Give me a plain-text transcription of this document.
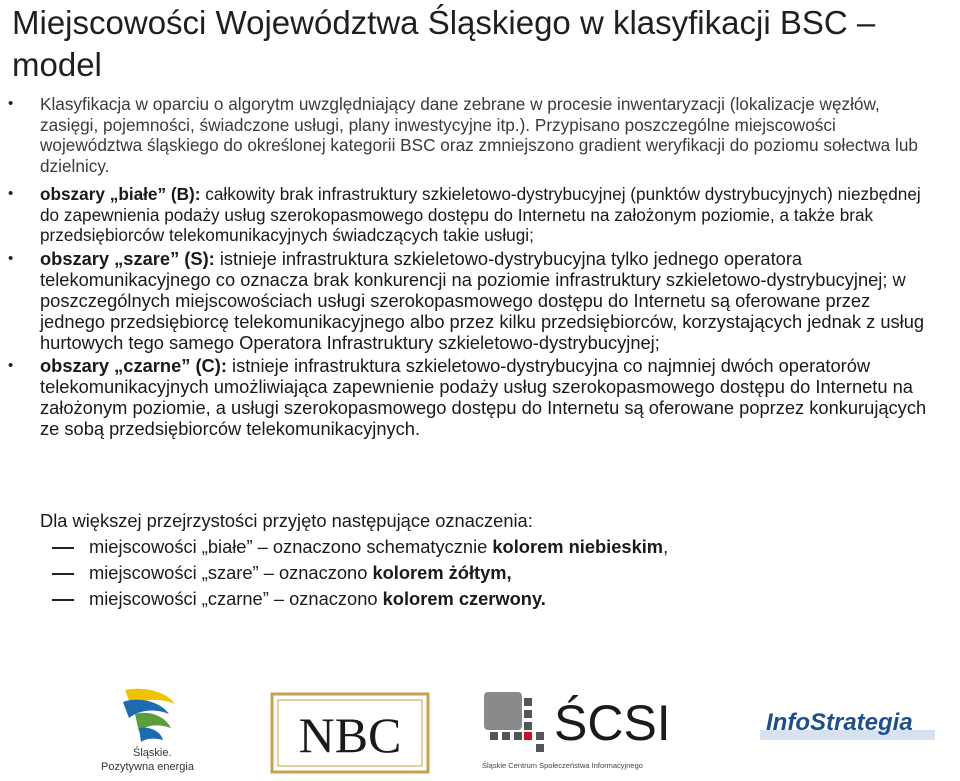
Miejscowości Województwa Śląskiego w klasyfikacji BSC – model
• Klasyfikacja w oparciu o algorytm uwzględniający dane zebrane w procesie inwentaryzacji (lokalizacje węzłów, zasięgi, pojemności, świadczone usługi, plany inwestycyjne itp.). Przypisano poszczególne miejscowości województwa śląskiego do określonej kategorii BSC oraz zmniejszono gradient weryfikacji do poziomu sołectwa lub dzielnicy.
• obszary „białe” (B): całkowity brak infrastruktury szkieletowo-dystrybucyjnej (punktów dystrybucyjnych) niezbędnej do zapewnienia podaży usług szerokopasmowego dostępu do Internetu na założonym poziomie, a także brak przedsiębiorców telekomunikacyjnych świadczących takie usługi;
• obszary „szare” (S): istnieje infrastruktura szkieletowo-dystrybucyjna tylko jednego operatora telekomunikacyjnego co oznacza brak konkurencji na poziomie infrastruktury szkieletowo-dystrybucyjnej; w poszczególnych miejscowościach usługi szerokopasmowego dostępu do Internetu są oferowane przez jednego przedsiębiorcę telekomunikacyjnego albo przez kilku przedsiębiorców, korzystających jednak z usług hurtowych tego samego Operatora Infrastruktury szkieletowo-dystrybucyjnej;
• obszary „czarne” (C): istnieje infrastruktura szkieletowo-dystrybucyjna co najmniej dwóch operatorów telekomunikacyjnych umożliwiająca zapewnienie podaży usług szerokopasmowego dostępu do Internetu na założonym poziomie, a usługi szerokopasmowego dostępu do Internetu są oferowane poprzez konkurujących ze sobą przedsiębiorców telekomunikacyjnych.
Dla większej przejrzystości przyjęto następujące oznaczenia:
miejscowości „białe” – oznaczono schematycznie kolorem niebieskim,
miejscowości „szare” – oznaczono kolorem żółtym,
miejscowości „czarne” – oznaczono kolorem czerwony.
Śląskie.
Pozytywna energia
NBC	ŚCSI
Śląskie Centrum Społeczeństwa Informacyjnego
InfoStrategia
